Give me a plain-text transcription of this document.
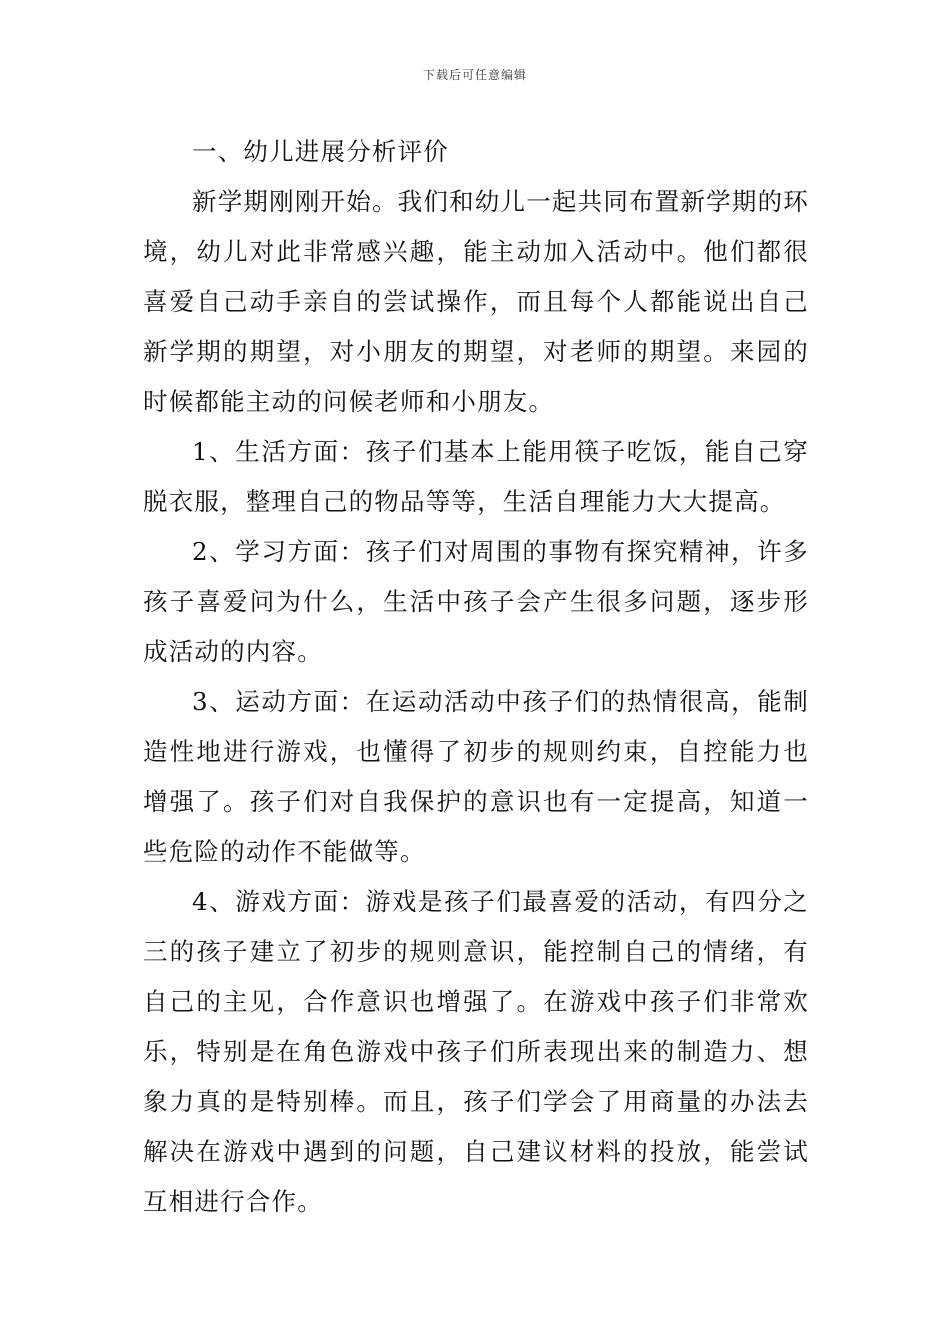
下载后可任意编辑

一、幼儿进展分析评价

新学期刚刚开始。我们和幼儿一起共同布置新学期的环境，幼儿对此非常感兴趣，能主动加入活动中。他们都很喜爱自己动手亲自的尝试操作，而且每个人都能说出自己新学期的期望，对小朋友的期望，对老师的期望。来园的时候都能主动的问候老师和小朋友。

1、生活方面：孩子们基本上能用筷子吃饭，能自己穿脱衣服，整理自己的物品等等，生活自理能力大大提高。

2、学习方面：孩子们对周围的事物有探究精神，许多孩子喜爱问为什么，生活中孩子会产生很多问题，逐步形成活动的内容。

3、运动方面：在运动活动中孩子们的热情很高，能制造性地进行游戏，也懂得了初步的规则约束，自控能力也增强了。孩子们对自我保护的意识也有一定提高，知道一些危险的动作不能做等。

4、游戏方面：游戏是孩子们最喜爱的活动，有四分之三的孩子建立了初步的规则意识，能控制自己的情绪，有自己的主见，合作意识也增强了。在游戏中孩子们非常欢乐，特别是在角色游戏中孩子们所表现出来的制造力、想象力真的是特别棒。而且，孩子们学会了用商量的办法去解决在游戏中遇到的问题，自己建议材料的投放，能尝试互相进行合作。
